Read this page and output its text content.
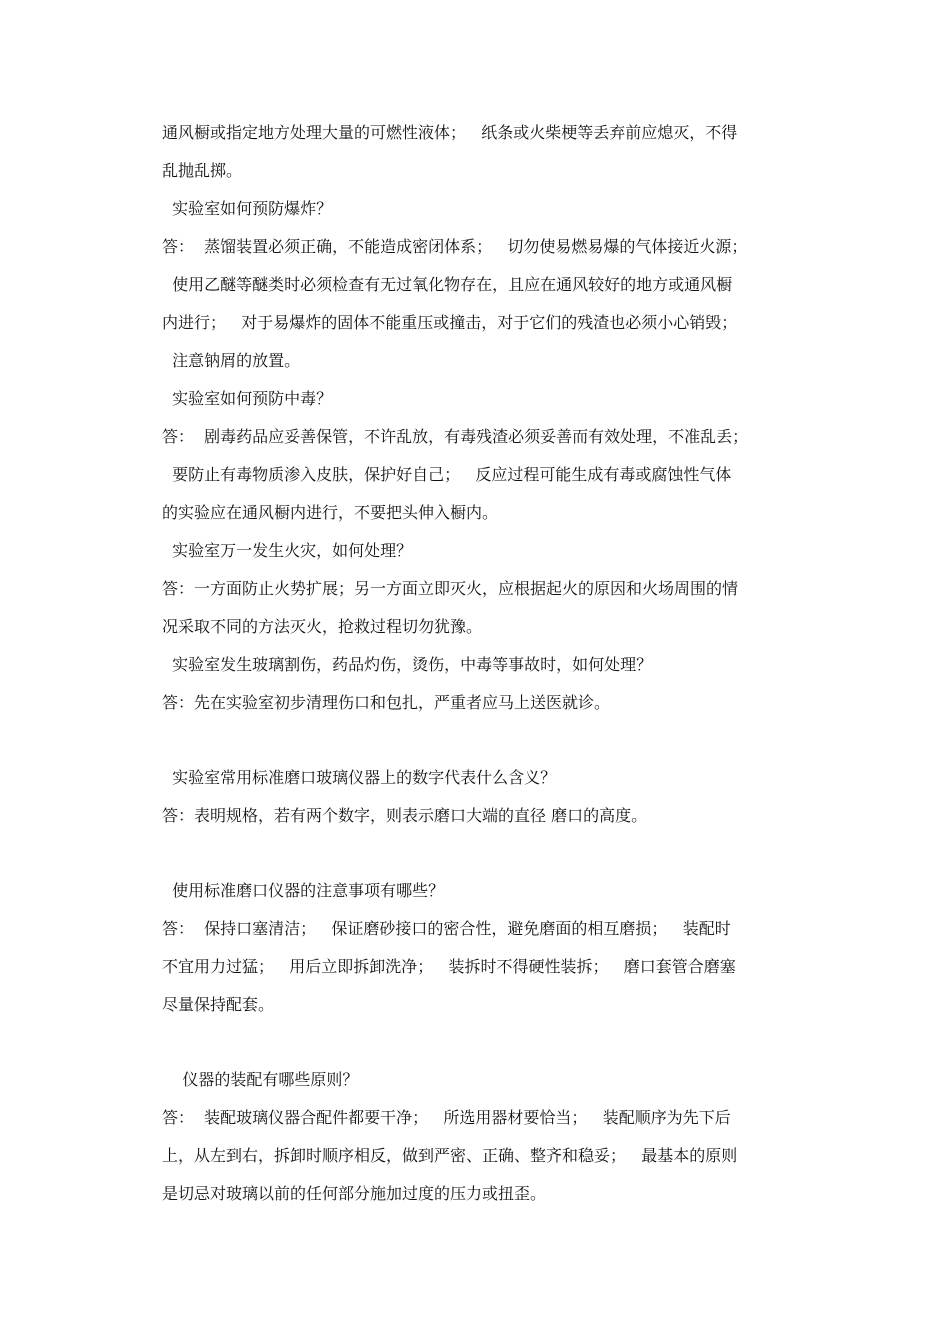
通风橱或指定地方处理大量的可燃性液体；   纸条或火柴梗等丢弃前应熄灭，不得
乱抛乱掷。
实验室如何预防爆炸？
答：  蒸馏装置必须正确，不能造成密闭体系；   切勿使易燃易爆的气体接近火源；
使用乙醚等醚类时必须检查有无过氧化物存在，且应在通风较好的地方或通风橱
内进行；   对于易爆炸的固体不能重压或撞击，对于它们的残渣也必须小心销毁；
注意钠屑的放置。
实验室如何预防中毒？
答：  剧毒药品应妥善保管，不许乱放，有毒残渣必须妥善而有效处理，不准乱丢；
要防止有毒物质渗入皮肤，保护好自己；   反应过程可能生成有毒或腐蚀性气体
的实验应在通风橱内进行，不要把头伸入橱内。
实验室万一发生火灾，如何处理？
答：一方面防止火势扩展；另一方面立即灭火，应根据起火的原因和火场周围的情
况采取不同的方法灭火，抢救过程切勿犹豫。
实验室发生玻璃割伤，药品灼伤，烫伤，中毒等事故时，如何处理？
答：先在实验室初步清理伤口和包扎，严重者应马上送医就诊。
实验室常用标准磨口玻璃仪器上的数字代表什么含义？
答：表明规格，若有两个数字，则表示磨口大端的直径 磨口的高度。
使用标准磨口仪器的注意事项有哪些？
答：  保持口塞清洁；   保证磨砂接口的密合性，避免磨面的相互磨损；   装配时
不宜用力过猛；   用后立即拆卸洗净；   装拆时不得硬性装拆；   磨口套管合磨塞
尽量保持配套。
仪器的装配有哪些原则？
答：  装配玻璃仪器合配件都要干净；   所选用器材要恰当；   装配顺序为先下后
上，从左到右，拆卸时顺序相反，做到严密、正确、整齐和稳妥；   最基本的原则
是切忌对玻璃以前的任何部分施加过度的压力或扭歪。
